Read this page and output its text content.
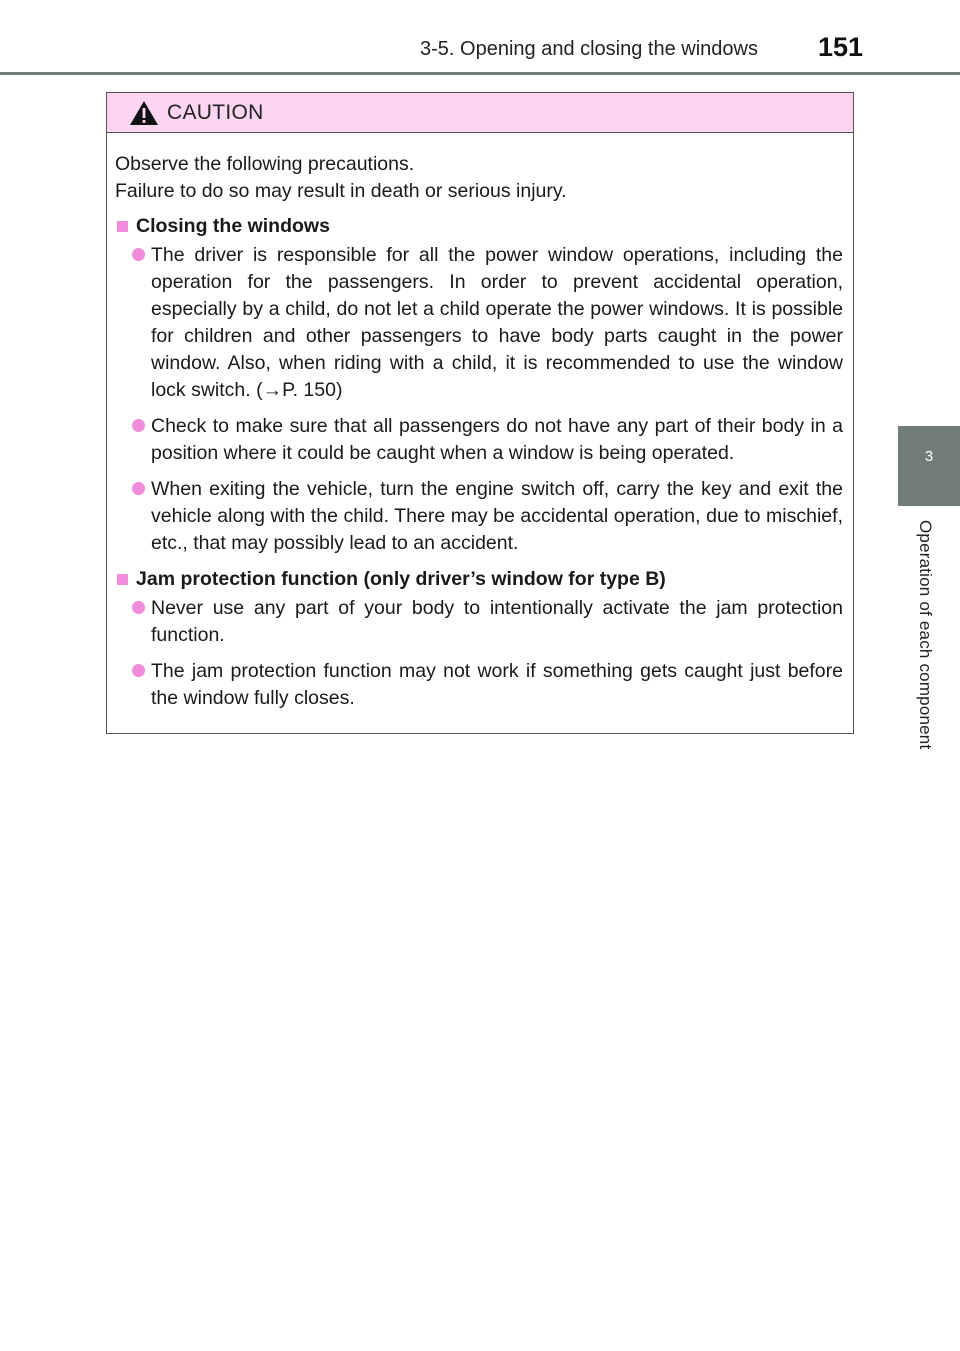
3-5. Opening and closing the windows 151
3
Operation of each component
CAUTION

Observe the following precautions.

Failure to do so may result in death or serious injury.

Closing the windows
The driver is responsible for all the power window operations, including the operation for the passengers. In order to prevent accidental operation, especially by a child, do not let a child operate the power windows. It is possible for children and other passengers to have body parts caught in the power window. Also, when riding with a child, it is recommended to use the window lock switch. (→P. 150)
Check to make sure that all passengers do not have any part of their body in a position where it could be caught when a window is being operated.
When exiting the vehicle, turn the engine switch off, carry the key and exit the vehicle along with the child. There may be accidental operation, due to mischief, etc., that may possibly lead to an accident.
Jam protection function (only driver’s window for type B)
Never use any part of your body to intentionally activate the jam protection function.
The jam protection function may not work if something gets caught just before the window fully closes.
